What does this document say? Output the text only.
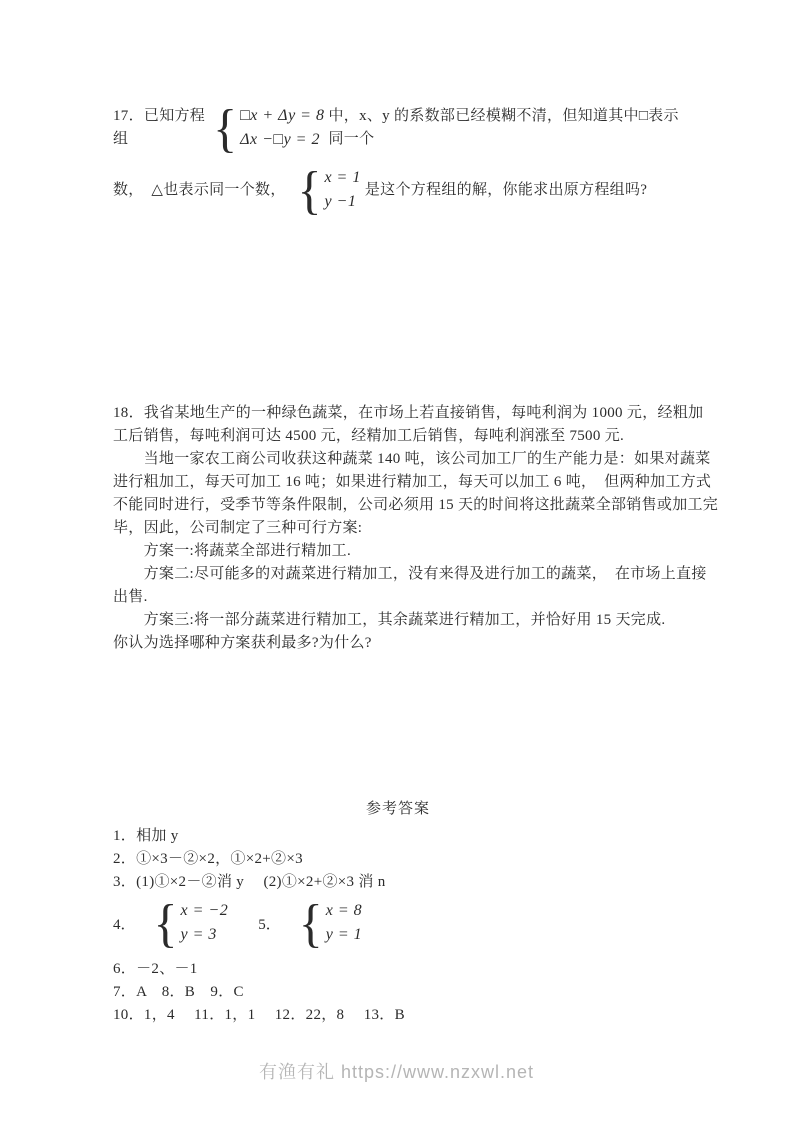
17．已知方程组	{ □x + Δy = 8
Δx −□y = 2
中，x、y 的系数部已经模糊不清，但知道其中□表示同一个
数，　△也表示同一个数，　 { x = 1
y −1
是这个方程组的解，你能求出原方程组吗?
18．我省某地生产的一种绿色蔬菜，在市场上若直接销售，每吨利润为 1000 元，经粗加
工后销售，每吨利润可达 4500 元，经精加工后销售，每吨利润涨至 7500 元.
　　当地一家农工商公司收获这种蔬菜 140 吨，该公司加工厂的生产能力是：如果对蔬菜
进行粗加工，每天可加工 16 吨；如果进行精加工，每天可以加工 6 吨，　但两种加工方式
不能同时进行，受季节等条件限制，公司必须用 15 天的时间将这批蔬菜全部销售或加工完
毕，因此，公司制定了三种可行方案:
　　方案一:将蔬菜全部进行精加工.
　　方案二:尽可能多的对蔬菜进行精加工，没有来得及进行加工的蔬菜，　在市场上直接
出售.
　　方案三:将一部分蔬菜进行精加工，其余蔬菜进行精加工，并恰好用 15 天完成.
你认为选择哪种方案获利最多?为什么?
参考答案
1．相加 y
2．①×3－②×2，①×2+②×3
3．(1)①×2－②消 y　 (2)①×2+②×3 消 n
4． { x = −2
y = 3
5． { x = 8
y = 1
6．－2、－1
7．A　8．B　9．C
10．1，4　 11．1，1　 12．22，8　 13．B
有渔有礼 https://www.nzxwl.net
